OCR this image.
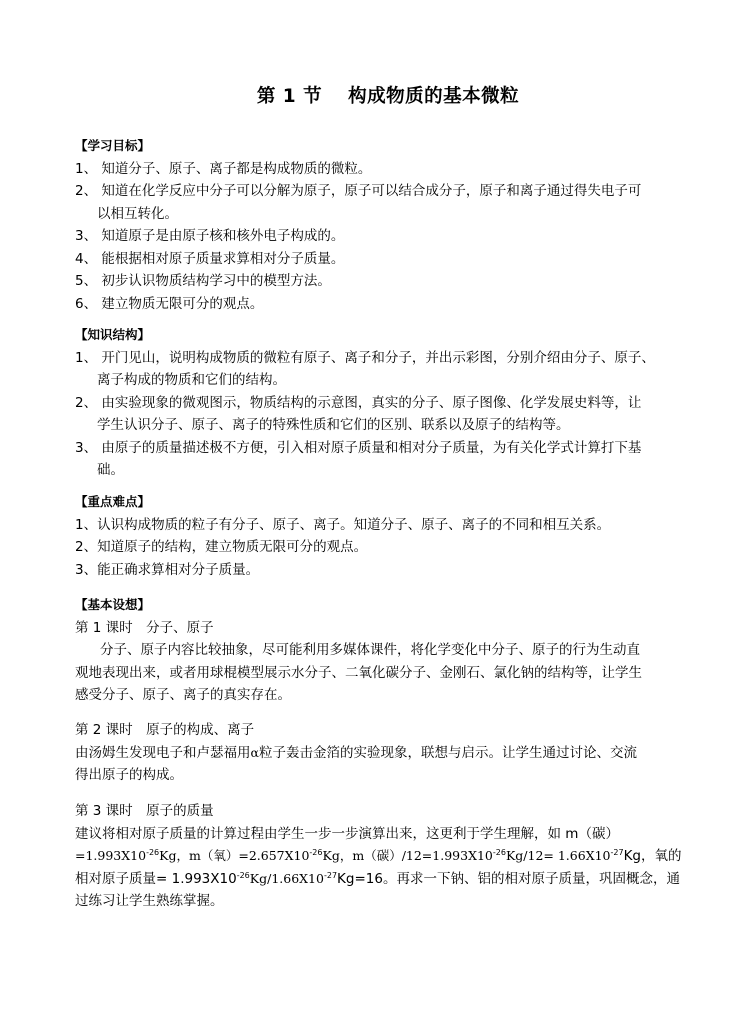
第 1 节 构成物质的基本微粒
【学习目标】
1、 知道分子、原子、离子都是构成物质的微粒。
2、 知道在化学反应中分子可以分解为原子，原子可以结合成分子，原子和离子通过得失电子可
以相互转化。
3、 知道原子是由原子核和核外电子构成的。
4、 能根据相对原子质量求算相对分子质量。
5、 初步认识物质结构学习中的模型方法。
6、 建立物质无限可分的观点。
【知识结构】
1、 开门见山，说明构成物质的微粒有原子、离子和分子，并出示彩图，分别介绍由分子、原子、
离子构成的物质和它们的结构。
2、 由实验现象的微观图示，物质结构的示意图，真实的分子、原子图像、化学发展史料等，让
学生认识分子、原子、离子的特殊性质和它们的区别、联系以及原子的结构等。
3、 由原子的质量描述极不方便，引入相对原子质量和相对分子质量，为有关化学式计算打下基
础。
【重点难点】
1、认识构成物质的粒子有分子、原子、离子。知道分子、原子、离子的不同和相互关系。
2、知道原子的结构，建立物质无限可分的观点。
3、能正确求算相对分子质量。
【基本设想】
第 1 课时　分子、原子
分子、原子内容比较抽象，尽可能利用多媒体课件，将化学变化中分子、原子的行为生动直
观地表现出来，或者用球棍模型展示水分子、二氧化碳分子、金刚石、氯化钠的结构等，让学生
感受分子、原子、离子的真实存在。
第 2 课时　原子的构成、离子
由汤姆生发现电子和卢瑟福用α粒子轰击金箔的实验现象，联想与启示。让学生通过讨论、交流
得出原子的构成。
第 3 课时　原子的质量
建议将相对原子质量的计算过程由学生一步一步演算出来，这更利于学生理解，如 m（碳）
$=1.993X10^{-26}Kg$，m（氧）$=2.657X10^{-26}Kg$，m（碳）$/12=1.993X10^{-26}Kg/12= 1.66X10^{-27}Kg$，氧的
相对原子质量= $1.993X10^{-26}Kg/1.66X10^{-27}Kg=16$。再求一下钠、铝的相对原子质量，巩固概念，通
过练习让学生熟练掌握。
